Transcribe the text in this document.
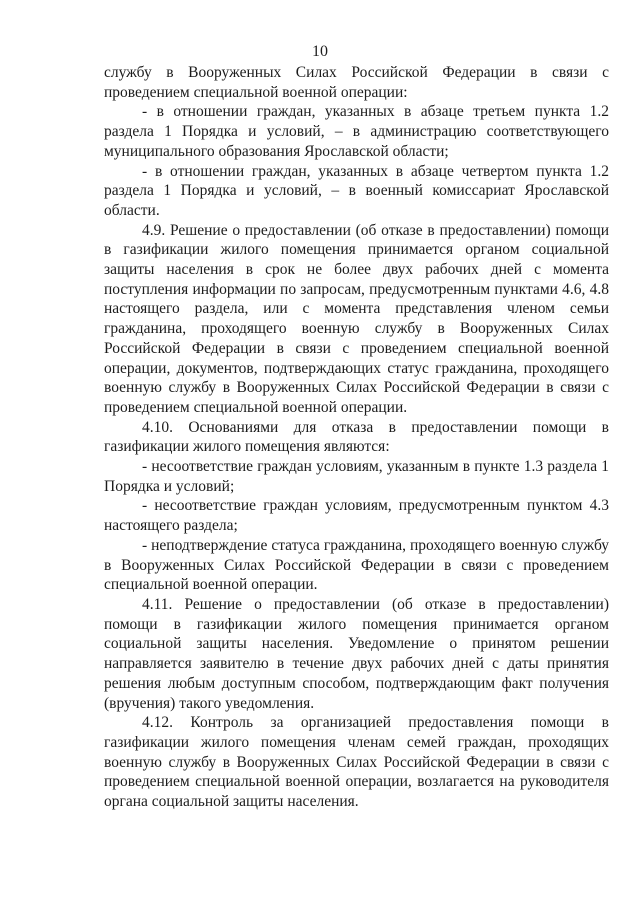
10

службу в Вооруженных Силах Российской Федерации в связи с проведением специальной военной операции:

- в отношении граждан, указанных в абзаце третьем пункта 1.2 раздела 1 Порядка и условий, – в администрацию соответствующего муниципального образования Ярославской области;

- в отношении граждан, указанных в абзаце четвертом пункта 1.2 раздела 1 Порядка и условий, – в военный комиссариат Ярославской области.

4.9. Решение о предоставлении (об отказе в предоставлении) помощи в газификации жилого помещения принимается органом социальной защиты населения в срок не более двух рабочих дней с момента поступления информации по запросам, предусмотренным пунктами 4.6, 4.8 настоящего раздела, или с момента представления членом семьи гражданина, проходящего военную службу в Вооруженных Силах Российской Федерации в связи с проведением специальной военной операции, документов, подтверждающих статус гражданина, проходящего военную службу в Вооруженных Силах Российской Федерации в связи с проведением специальной военной операции.

4.10. Основаниями для отказа в предоставлении помощи в газификации жилого помещения являются:

- несоответствие граждан условиям, указанным в пункте 1.3 раздела 1 Порядка и условий;

- несоответствие граждан условиям, предусмотренным пунктом 4.3 настоящего раздела;

- неподтверждение статуса гражданина, проходящего военную службу в Вооруженных Силах Российской Федерации в связи с проведением специальной военной операции.

4.11. Решение о предоставлении (об отказе в предоставлении) помощи в газификации жилого помещения принимается органом социальной защиты населения. Уведомление о принятом решении направляется заявителю в течение двух рабочих дней с даты принятия решения любым доступным способом, подтверждающим факт получения (вручения) такого уведомления.

4.12. Контроль за организацией предоставления помощи в газификации жилого помещения членам семей граждан, проходящих военную службу в Вооруженных Силах Российской Федерации в связи с проведением специальной военной операции, возлагается на руководителя органа социальной защиты населения.
